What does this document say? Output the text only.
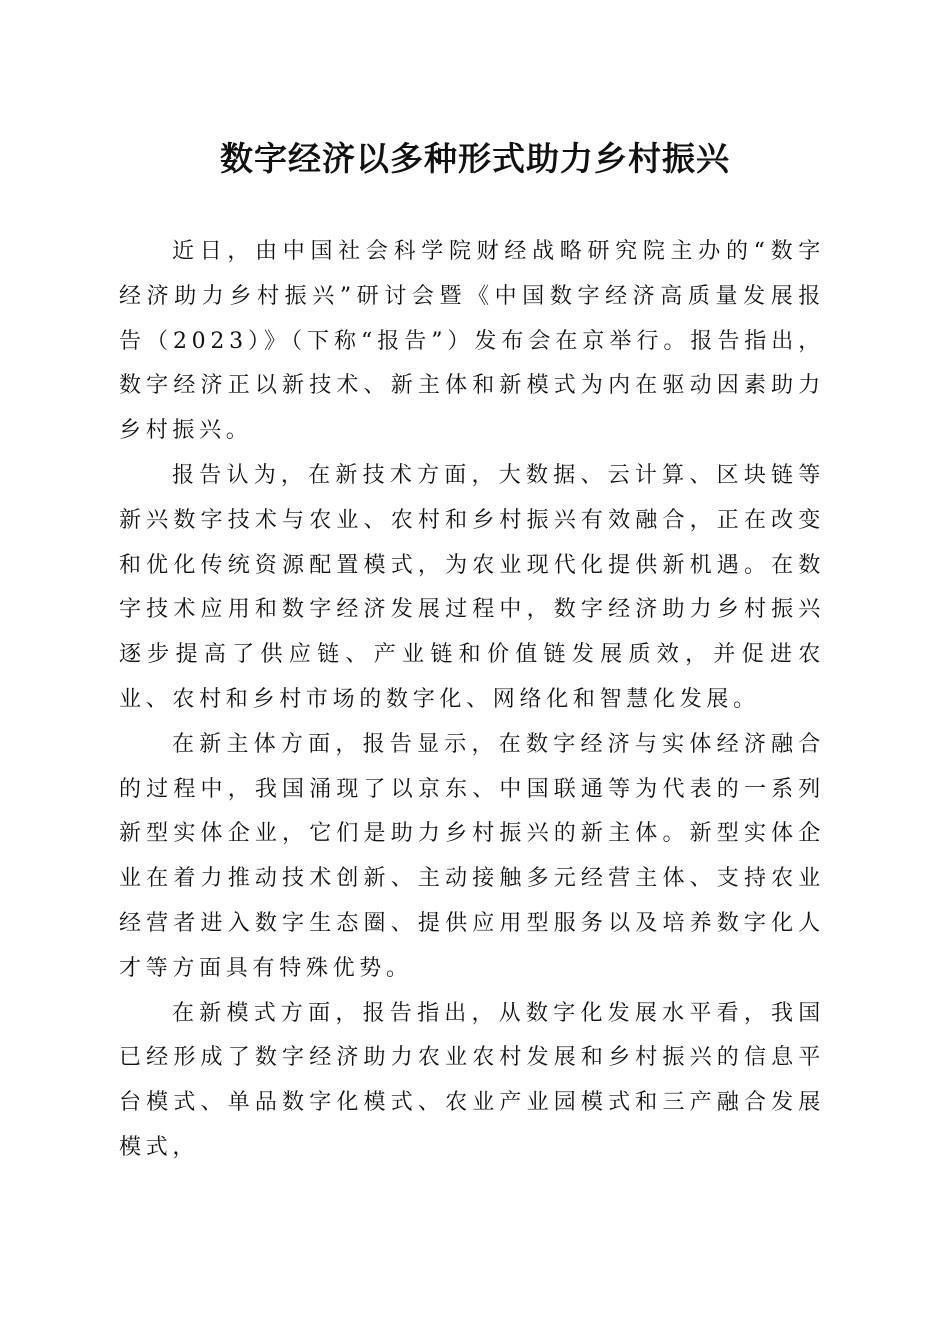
数字经济以多种形式助力乡村振兴

近日，由中国社会科学院财经战略研究院主办的“数字经济助力乡村振兴”研讨会暨《中国数字经济高质量发展报告（2023）》（下称“报告”）发布会在京举行。报告指出，数字经济正以新技术、新主体和新模式为内在驱动因素助力乡村振兴。

报告认为，在新技术方面，大数据、云计算、区块链等新兴数字技术与农业、农村和乡村振兴有效融合，正在改变和优化传统资源配置模式，为农业现代化提供新机遇。在数字技术应用和数字经济发展过程中，数字经济助力乡村振兴逐步提高了供应链、产业链和价值链发展质效，并促进农业、农村和乡村市场的数字化、网络化和智慧化发展。

在新主体方面，报告显示，在数字经济与实体经济融合的过程中，我国涌现了以京东、中国联通等为代表的一系列新型实体企业，它们是助力乡村振兴的新主体。新型实体企业在着力推动技术创新、主动接触多元经营主体、支持农业经营者进入数字生态圈、提供应用型服务以及培养数字化人才等方面具有特殊优势。

在新模式方面，报告指出，从数字化发展水平看，我国已经形成了数字经济助力农业农村发展和乡村振兴的信息平台模式、单品数字化模式、农业产业园模式和三产融合发展模式，
